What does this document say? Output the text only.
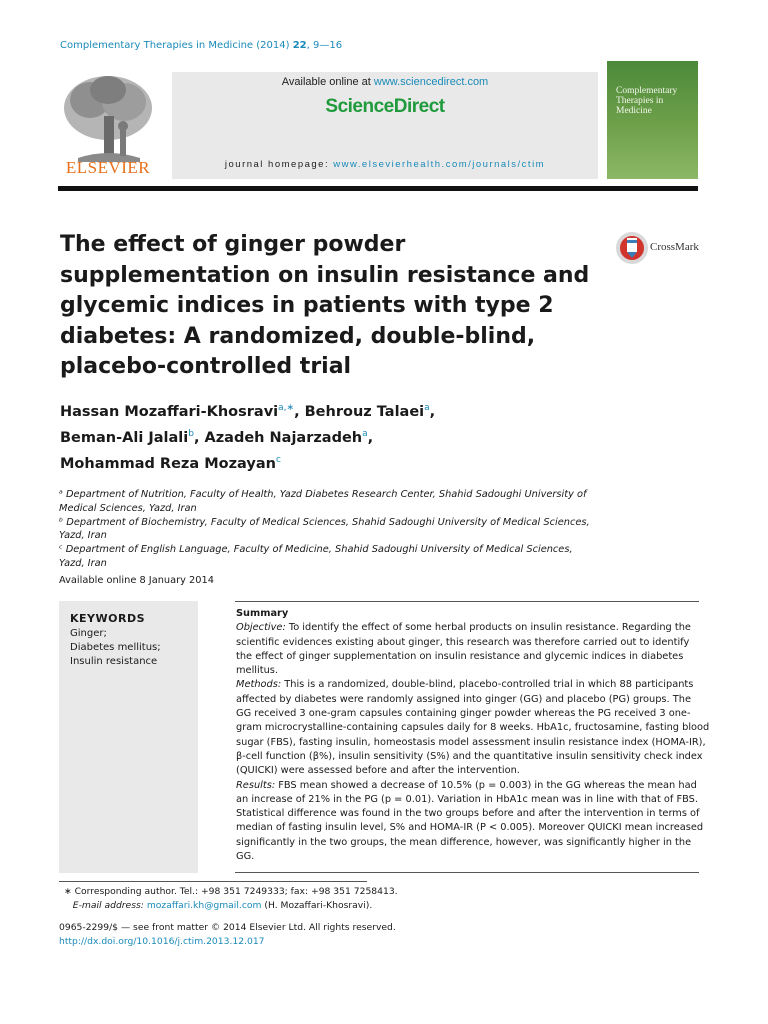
Complementary Therapies in Medicine (2014) 22, 9—16
ELSEVIER
Available online at www.sciencedirect.com
ScienceDirect
journal homepage: www.elsevierhealth.com/journals/ctim
Complementary Therapies in Medicine
The effect of ginger powder
supplementation on insulin resistance and
glycemic indices in patients with type 2
diabetes: A randomized, double-blind,
placebo-controlled trial
CrossMark
Hassan Mozaffari-Khosravi$^{a,∗}$, Behrouz Talaei$^a$,
Beman-Ali Jalali$^b$, Azadeh Najarzadeh$^a$,
Mohammad Reza Mozayan$^c$
ᵃ Department of Nutrition, Faculty of Health, Yazd Diabetes Research Center, Shahid Sadoughi University of
Medical Sciences, Yazd, Iran
ᵇ Department of Biochemistry, Faculty of Medical Sciences, Shahid Sadoughi University of Medical Sciences,
Yazd, Iran
ᶜ Department of English Language, Faculty of Medicine, Shahid Sadoughi University of Medical Sciences,
Yazd, Iran
Available online 8 January 2014
KEYWORDS
Ginger;
Diabetes mellitus;
Insulin resistance
Summary
Objective: To identify the effect of some herbal products on insulin resistance. Regarding the
scientific evidences existing about ginger, this research was therefore carried out to identify
the effect of ginger supplementation on insulin resistance and glycemic indices in diabetes
mellitus.
Methods: This is a randomized, double-blind, placebo-controlled trial in which 88 participants
affected by diabetes were randomly assigned into ginger (GG) and placebo (PG) groups. The
GG received 3 one-gram capsules containing ginger powder whereas the PG received 3 one-
gram microcrystalline-containing capsules daily for 8 weeks. HbA1c, fructosamine, fasting blood
sugar (FBS), fasting insulin, homeostasis model assessment insulin resistance index (HOMA-IR),
β-cell function (β%), insulin sensitivity (S%) and the quantitative insulin sensitivity check index
(QUICKI) were assessed before and after the intervention.
Results: FBS mean showed a decrease of 10.5% (p = 0.003) in the GG whereas the mean had
an increase of 21% in the PG (p = 0.01). Variation in HbA1c mean was in line with that of FBS.
Statistical difference was found in the two groups before and after the intervention in terms of
median of fasting insulin level, S% and HOMA-IR (P < 0.005). Moreover QUICKI mean increased
significantly in the two groups, the mean difference, however, was significantly higher in the
GG.
∗ Corresponding author. Tel.: +98 351 7249333; fax: +98 351 7258413.
E-mail address: mozaffari.kh@gmail.com (H. Mozaffari-Khosravi).
0965-2299/$ — see front matter © 2014 Elsevier Ltd. All rights reserved.
http://dx.doi.org/10.1016/j.ctim.2013.12.017
